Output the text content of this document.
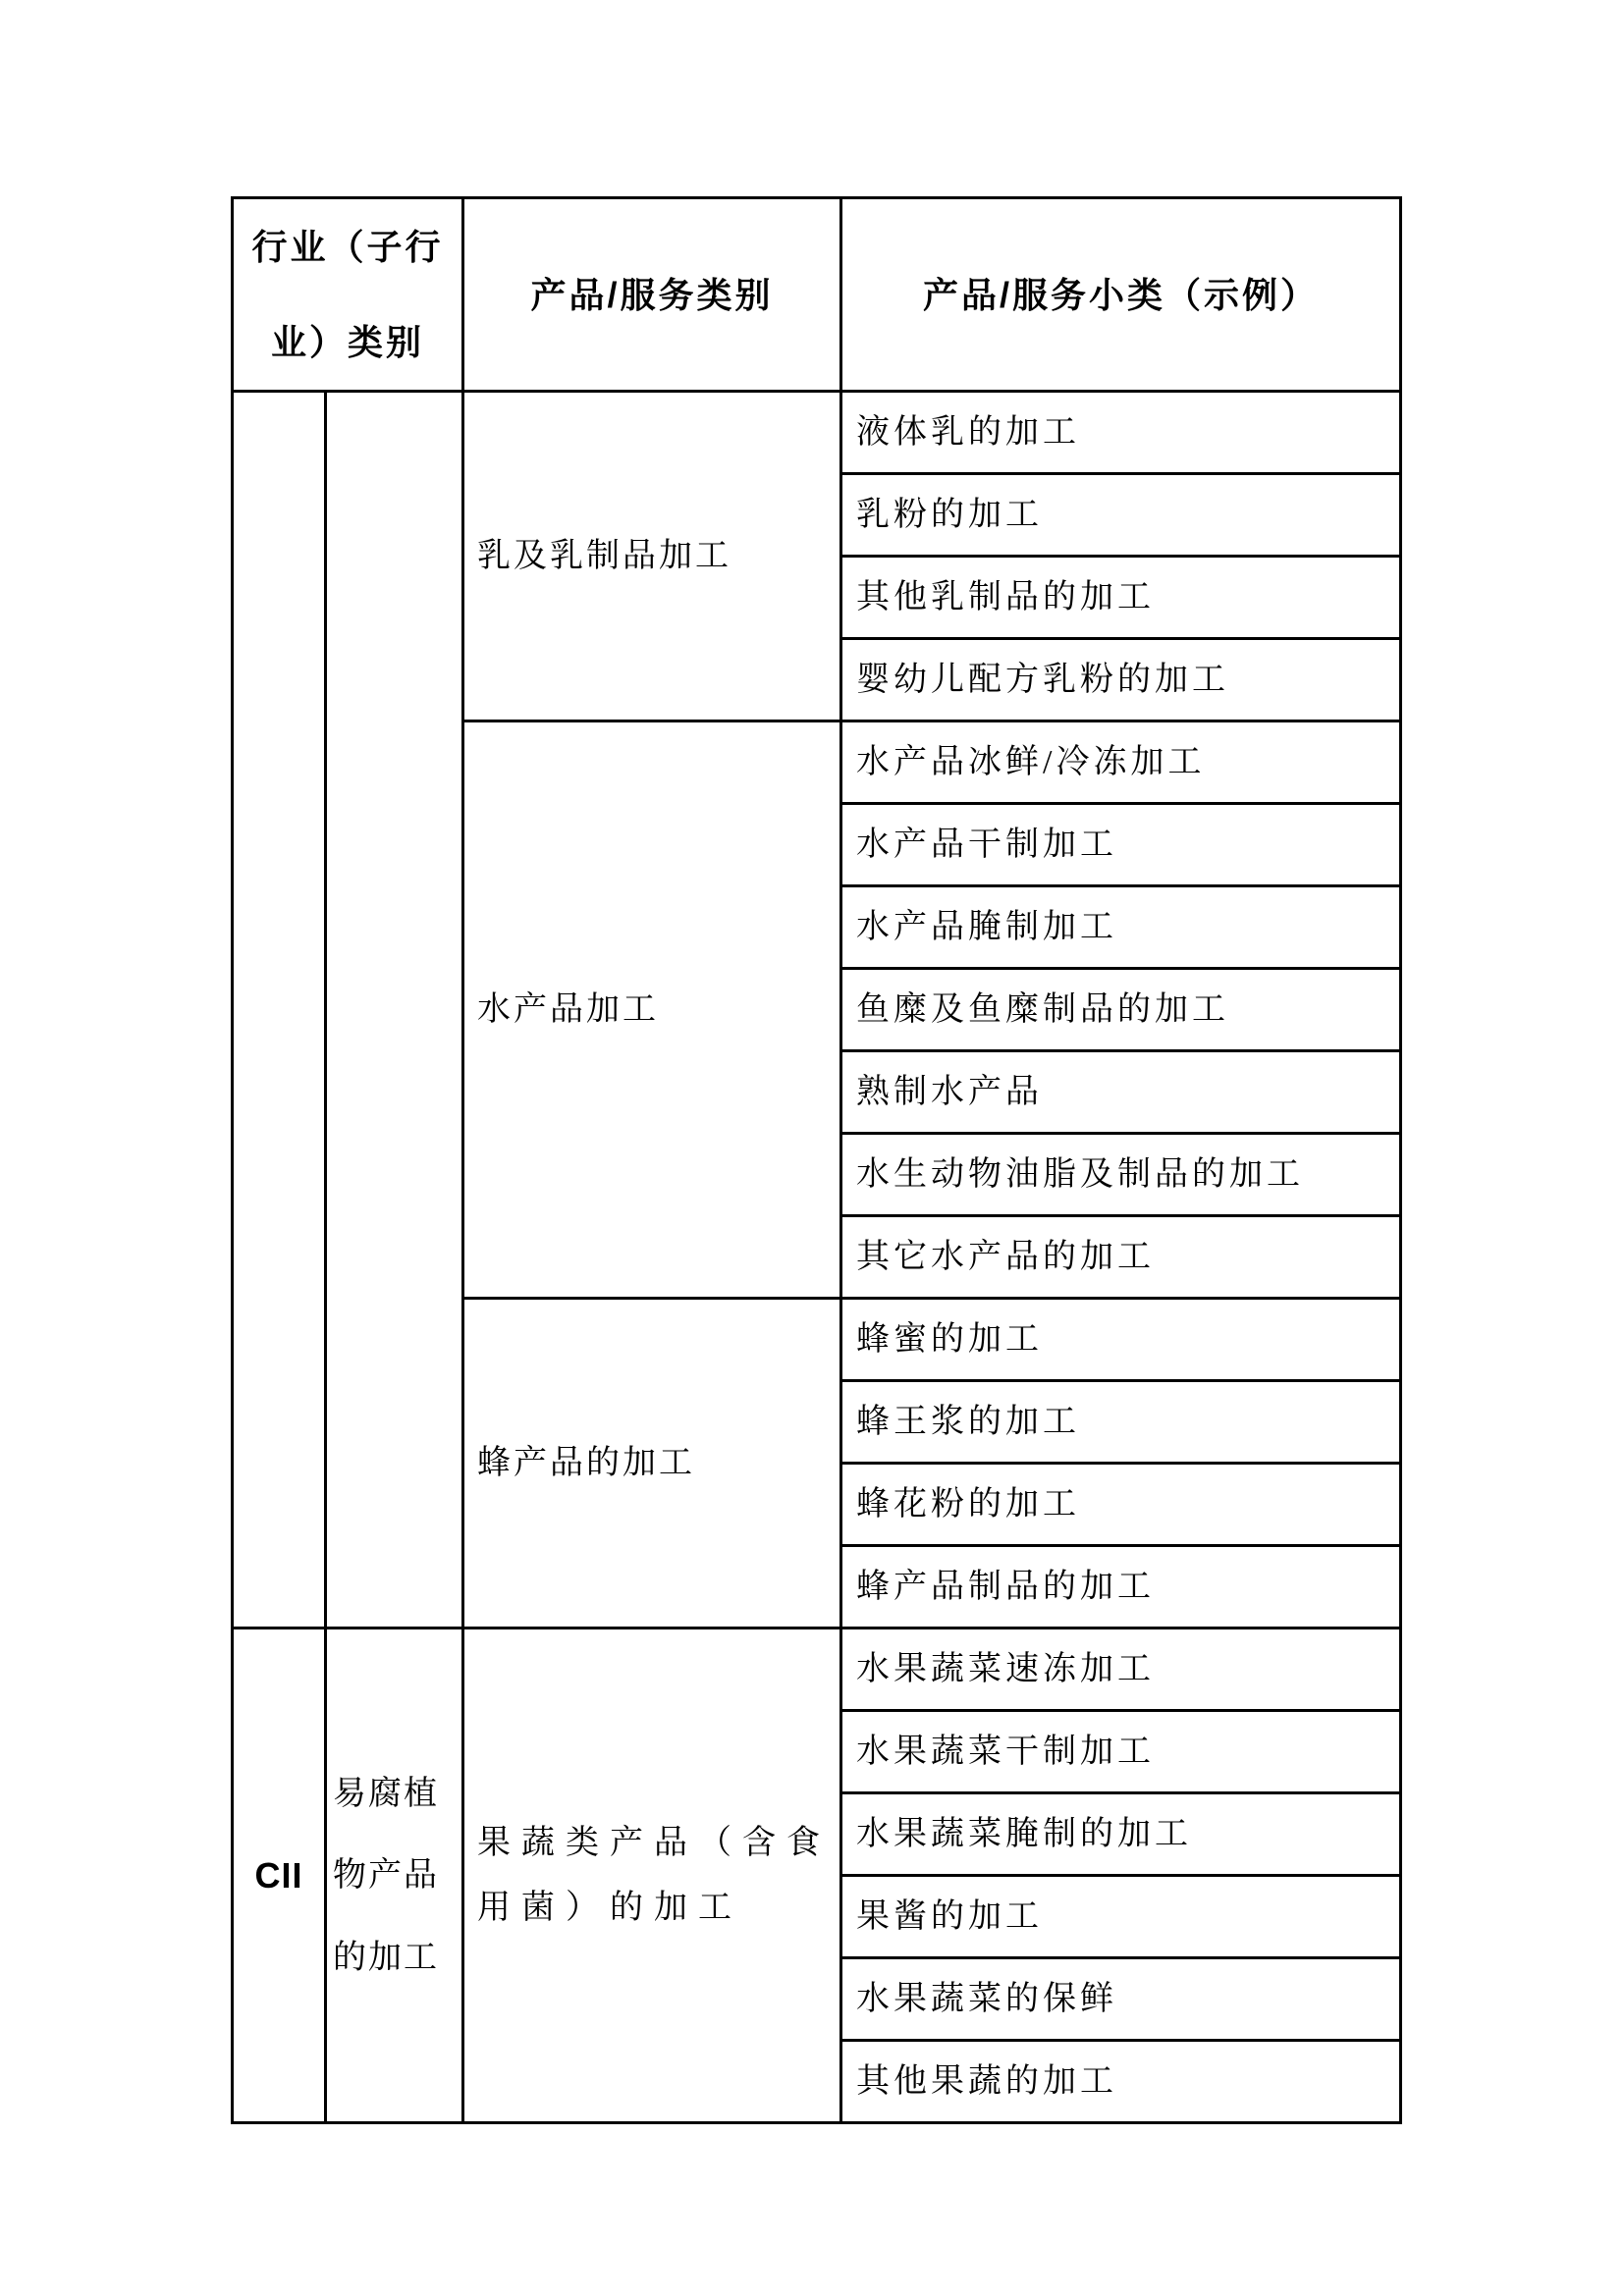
行业（子行业）类别		产品/服务类别	产品/服务小类（示例）
		乳及乳制品加工	液体乳的加工
			乳粉的加工
			其他乳制品的加工
			婴幼儿配方乳粉的加工
		水产品加工	水产品冰鲜/冷冻加工
			水产品干制加工
			水产品腌制加工
			鱼糜及鱼糜制品的加工
			熟制水产品
			水生动物油脂及制品的加工
			其它水产品的加工
		蜂产品的加工	蜂蜜的加工
			蜂王浆的加工
			蜂花粉的加工
			蜂产品制品的加工
CII	易腐植物产品的加工	果蔬类产品（含食用菌）的加工	水果蔬菜速冻加工
			水果蔬菜干制加工
			水果蔬菜腌制的加工
			果酱的加工
			水果蔬菜的保鲜
			其他果蔬的加工
